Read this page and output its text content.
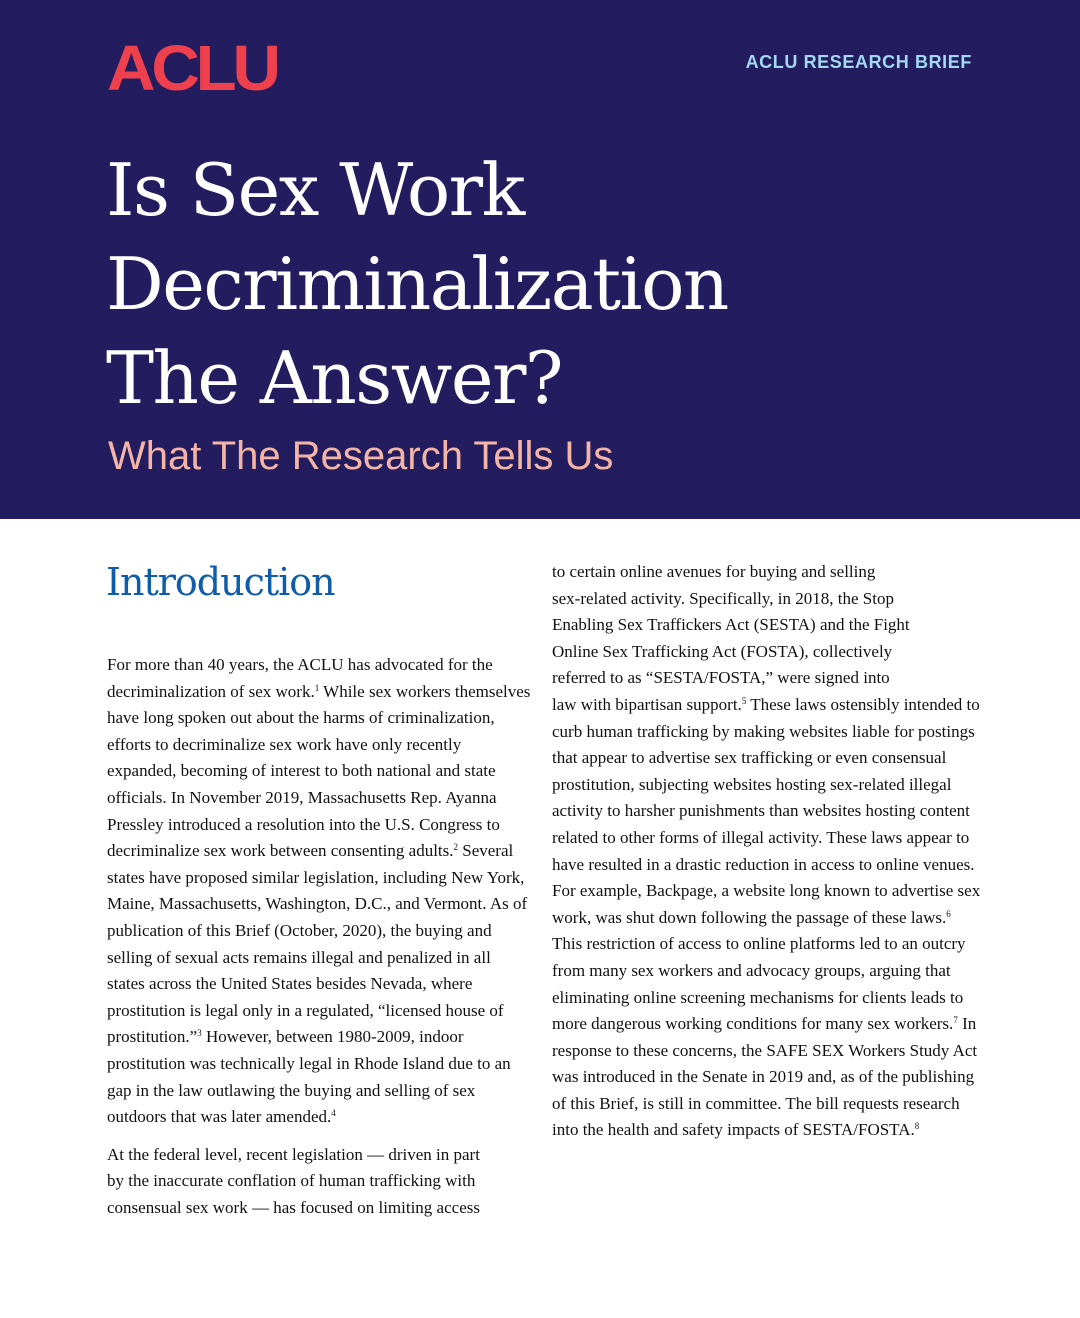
ACLU	ACLU RESEARCH BRIEF
Is Sex Work
Decriminalization
The Answer?

What The Research Tells Us

Introduction

For more than 40 years, the ACLU has advocated for the decriminalization of sex work.$^1$ While sex workers themselves have long spoken out about the harms of criminalization, efforts to decriminalize sex work have only recently expanded, becoming of interest to both national and state officials. In November 2019, Massachusetts Rep. Ayanna Pressley introduced a resolution into the U.S. Congress to decriminalize sex work between consenting adults.$^2$ Several states have proposed similar legislation, including New York, Maine, Massachusetts, Washington, D.C., and Vermont. As of publication of this Brief (October, 2020), the buying and selling of sexual acts remains illegal and penalized in all states across the United States besides Nevada, where prostitution is legal only in a regulated, “licensed house of prostitution.”$^3$ However, between 1980-2009, indoor prostitution was technically legal in Rhode Island due to an gap in the law outlawing the buying and selling of sex outdoors that was later amended.$^4$

At the federal level, recent legislation — driven in part
by the inaccurate conflation of human trafficking with
consensual sex work — has focused on limiting access

to certain online avenues for buying and selling
sex-related activity. Specifically, in 2018, the Stop
Enabling Sex Traffickers Act (SESTA) and the Fight
Online Sex Trafficking Act (FOSTA), collectively
referred to as “SESTA/FOSTA,” were signed into
law with bipartisan support.$^5$ These laws ostensibly intended to curb human trafficking by making websites liable for postings that appear to advertise sex trafficking or even consensual prostitution, subjecting websites hosting sex-related illegal activity to harsher punishments than websites hosting content related to other forms of illegal activity. These laws appear to have resulted in a drastic reduction in access to online venues. For example, Backpage, a website long known to advertise sex work, was shut down following the passage of these laws.$^6$ This restriction of access to online platforms led to an outcry from many sex workers and advocacy groups, arguing that eliminating online screening mechanisms for clients leads to more dangerous working conditions for many sex workers.$^7$ In response to these concerns, the SAFE SEX Workers Study Act was introduced in the Senate in 2019 and, as of the publishing of this Brief, is still in committee. The bill requests research into the health and safety impacts of SESTA/FOSTA.$^8$
